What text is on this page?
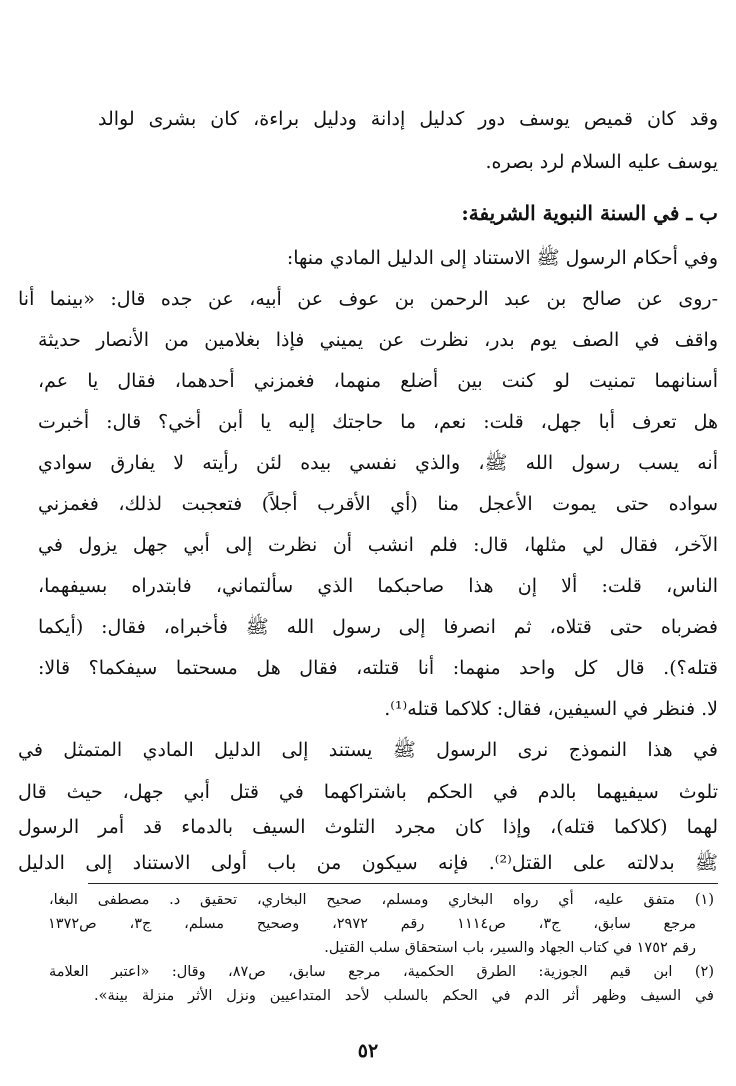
وقد كان قميص يوسف دور كدليل إدانة ودليل براءة، كان بشرى لوالد
يوسف عليه السلام لرد بصره.
ب ـ في السنة النبوية الشريفة:
وفي أحكام الرسول ﷺ الاستناد إلى الدليل المادي منها:
-روى عن صالح بن عبد الرحمن بن عوف عن أبيه، عن جده قال: «بينما أنا
واقف في الصف يوم بدر، نظرت عن يميني فإذا بغلامين من الأنصار حديثة
أسنانهما تمنيت لو كنت بين أضلع منهما، فغمزني أحدهما، فقال يا عم،
هل تعرف أبا جهل، قلت: نعم، ما حاجتك إليه يا أبن أخي؟ قال: أخبرت
أنه يسب رسول الله ﷺ، والذي نفسي بيده لئن رأيته لا يفارق سوادي
سواده حتى يموت الأعجل منا (أي الأقرب أجلاً) فتعجبت لذلك، فغمزني
الآخر، فقال لي مثلها، قال: فلم انشب أن نظرت إلى أبي جهل يزول في
الناس، قلت: ألا إن هذا صاحبكما الذي سألتماني، فابتدراه بسيفهما،
فضرباه حتى قتلاه، ثم انصرفا إلى رسول الله ﷺ فأخبراه، فقال: (أيكما
قتله؟). قال كل واحد منهما: أنا قتلته، فقال هل مسحتما سيفكما؟ قالا:
لا. فنظر في السيفين، فقال: كلاكما قتله⁽¹⁾.
في هذا النموذج نرى الرسول ﷺ يستند إلى الدليل المادي المتمثل في
تلوث سيفيهما بالدم في الحكم باشتراكهما في قتل أبي جهل، حيث قال
لهما (كلاكما قتله)، وإذا كان مجرد التلوث السيف بالدماء قد أمر الرسول
(١) متفق عليه، أي رواه البخاري ومسلم، صحيح البخاري، تحقيق د. مصطفى البغا،
مرجع سابق، ج٣، ص١١١٤ رقم ٢٩٧٢، وصحيح مسلم، ج٣، ص١٣٧٢
رقم ١٧٥٢ في كتاب الجهاد والسير، باب استحقاق سلب القتيل.
(٢) ابن قيم الجوزية: الطرق الحكمية، مرجع سابق، ص٨٧، وقال: «اعتبر العلامة
في السيف وظهر أثر الدم في الحكم بالسلب لأحد المتداعيين ونزل الأثر منزلة بينة».
٥٢
ﷺ بدلالته على القتل⁽²⁾. فإنه سيكون من باب أولى الاستناد إلى الدليل
